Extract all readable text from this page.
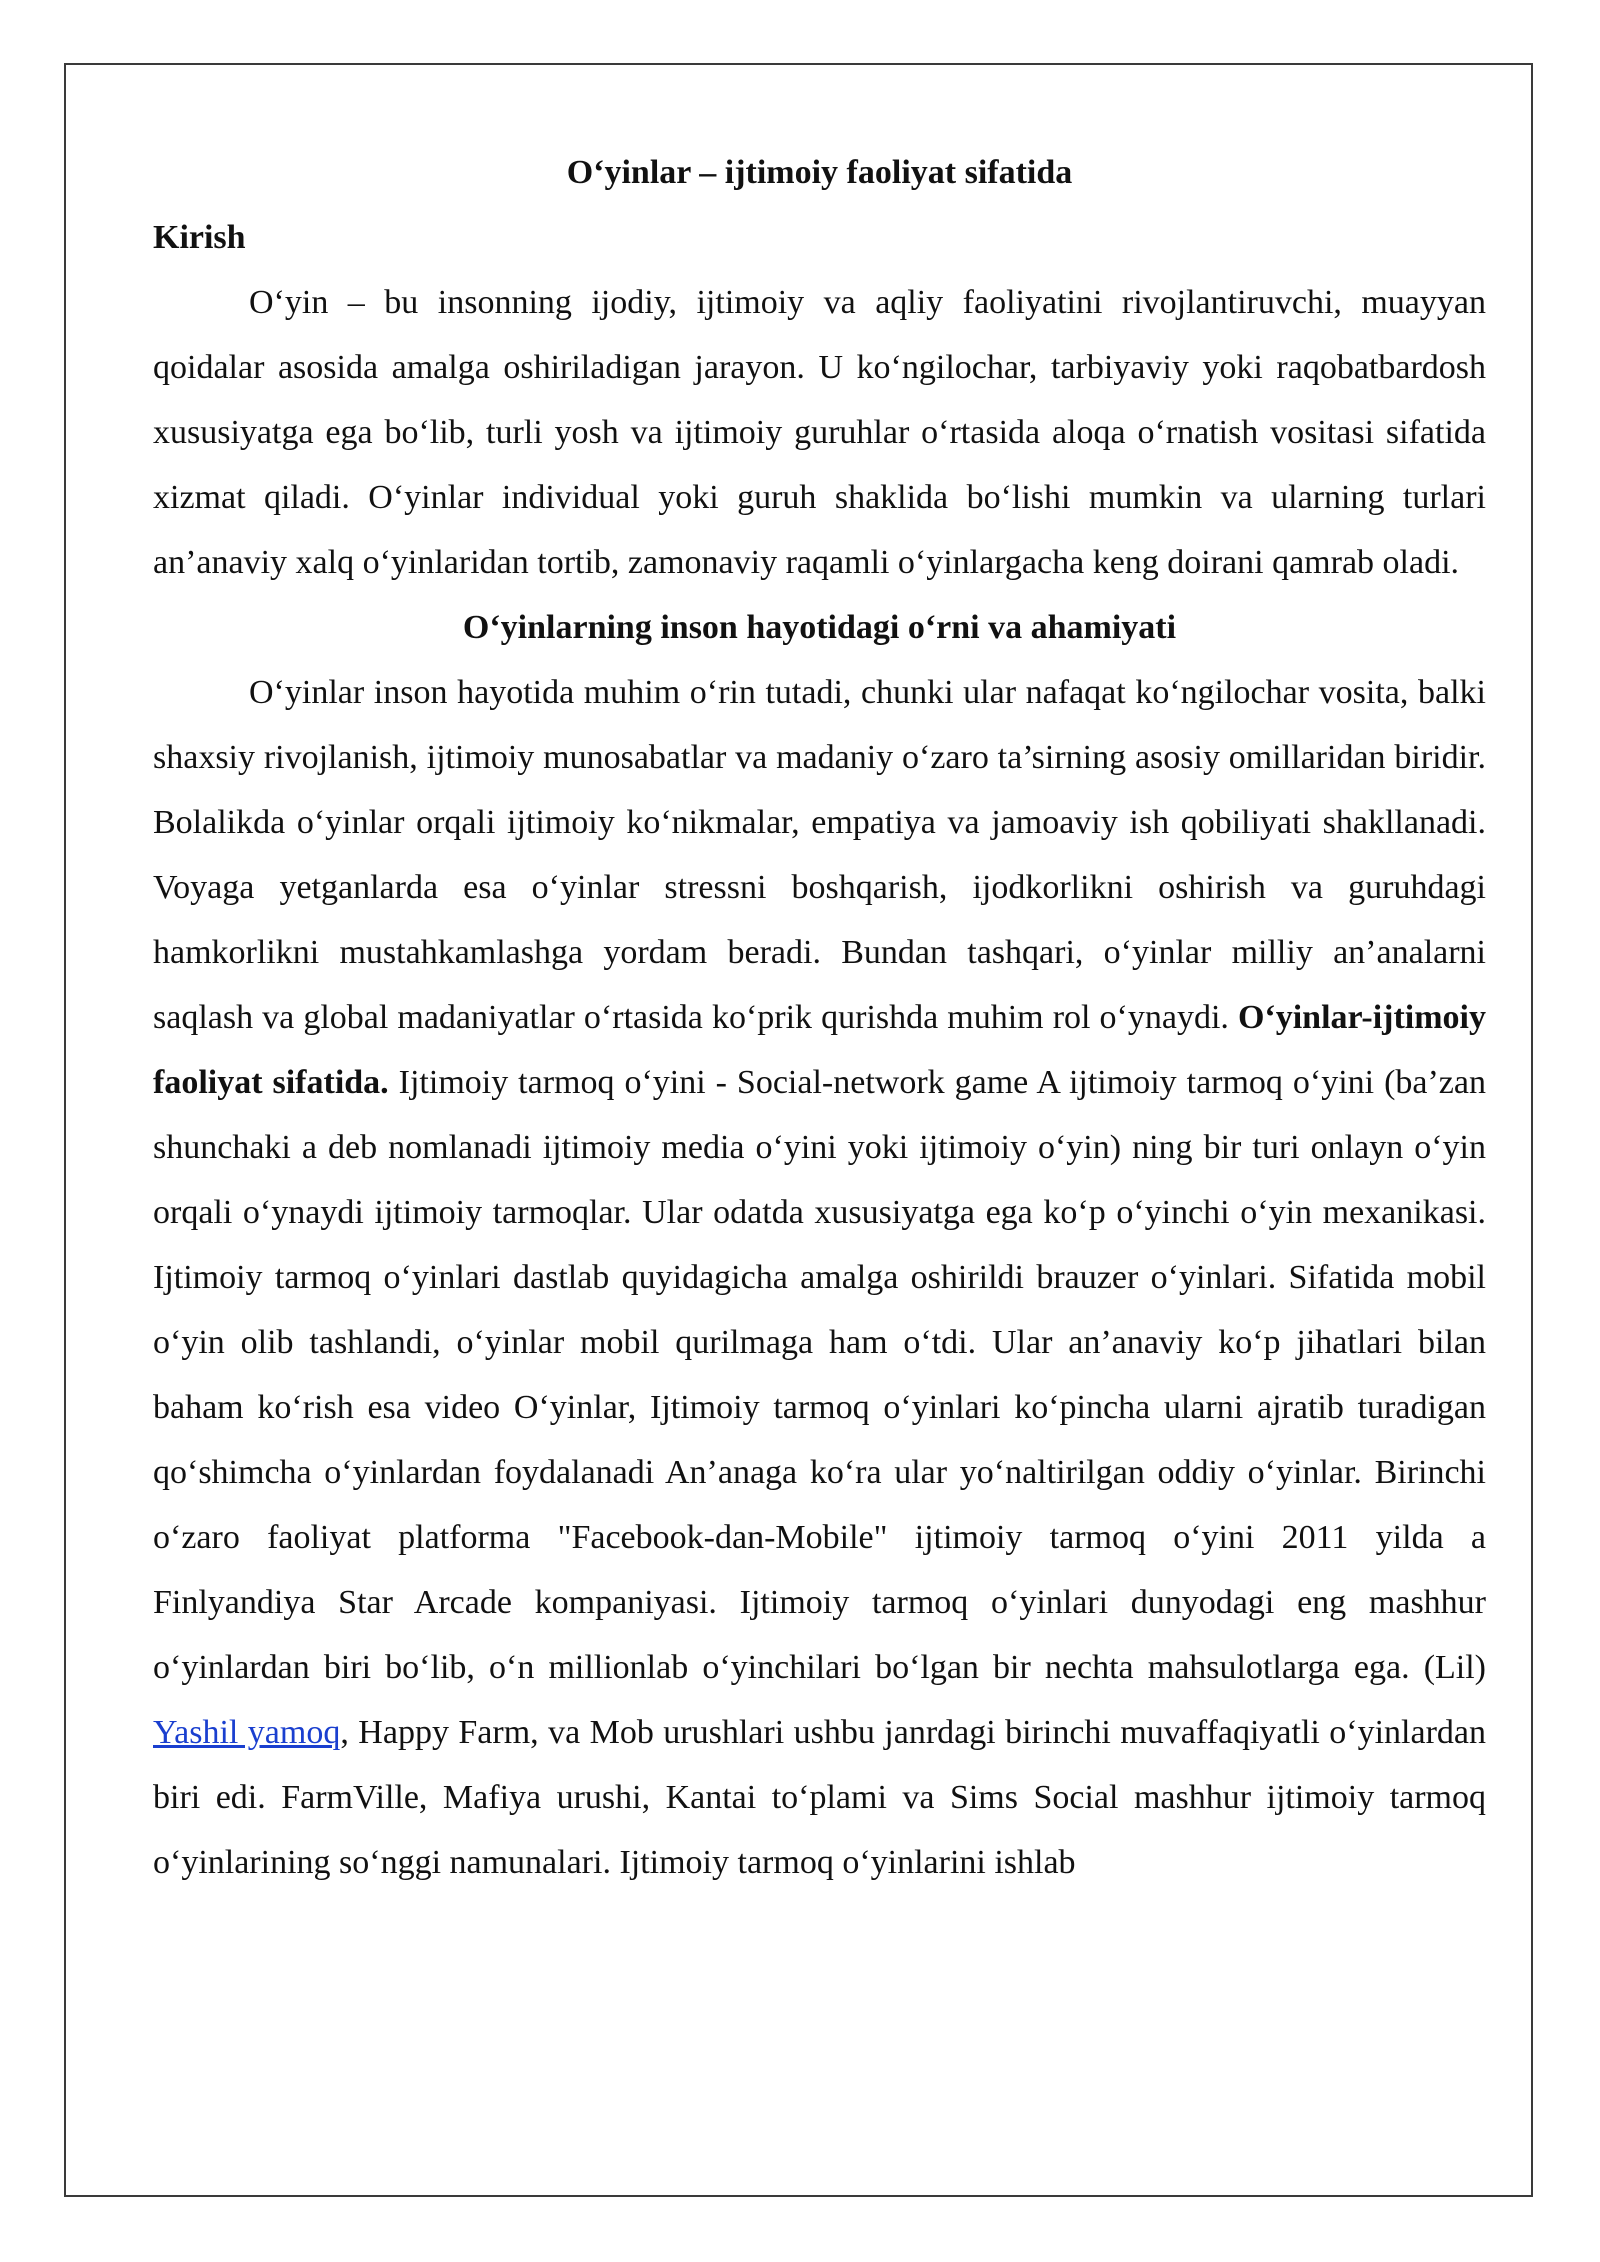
O‘yinlar – ijtimoiy faoliyat sifatida

Kirish

O‘yin – bu insonning ijodiy, ijtimoiy va aqliy faoliyatini rivojlantiruvchi, muayyan qoidalar asosida amalga oshiriladigan jarayon. U ko‘ngilochar, tarbiyaviy yoki raqobatbardosh xususiyatga ega bo‘lib, turli yosh va ijtimoiy guruhlar o‘rtasida aloqa o‘rnatish vositasi sifatida xizmat qiladi. O‘yinlar individual yoki guruh shaklida bo‘lishi mumkin va ularning turlari an’anaviy xalq o‘yinlaridan tortib, zamonaviy raqamli o‘yinlargacha keng doirani qamrab oladi.

O‘yinlarning inson hayotidagi o‘rni va ahamiyati

O‘yinlar inson hayotida muhim o‘rin tutadi, chunki ular nafaqat ko‘ngilochar vosita, balki shaxsiy rivojlanish, ijtimoiy munosabatlar va madaniy o‘zaro ta’sirning asosiy omillaridan biridir. Bolalikda o‘yinlar orqali ijtimoiy ko‘nikmalar, empatiya va jamoaviy ish qobiliyati shakllanadi. Voyaga yetganlarda esa o‘yinlar stressni boshqarish, ijodkorlikni oshirish va guruhdagi hamkorlikni mustahkamlashga yordam beradi. Bundan tashqari, o‘yinlar milliy an’analarni saqlash va global madaniyatlar o‘rtasida ko‘prik qurishda muhim rol o‘ynaydi. O‘yinlar-ijtimoiy faoliyat sifatida. Ijtimoiy tarmoq o‘yini - Social-network game A ijtimoiy tarmoq o‘yini (ba’zan shunchaki a deb nomlanadi ijtimoiy media o‘yini yoki ijtimoiy o‘yin) ning bir turi onlayn o‘yin orqali o‘ynaydi ijtimoiy tarmoqlar. Ular odatda xususiyatga ega ko‘p o‘yinchi o‘yin mexanikasi. Ijtimoiy tarmoq o‘yinlari dastlab quyidagicha amalga oshirildi brauzer o‘yinlari. Sifatida mobil o‘yin olib tashlandi, o‘yinlar mobil qurilmaga ham o‘tdi. Ular an’anaviy ko‘p jihatlari bilan baham ko‘rish esa video O‘yinlar, Ijtimoiy tarmoq o‘yinlari ko‘pincha ularni ajratib turadigan qo‘shimcha o‘yinlardan foydalanadi An’anaga ko‘ra ular yo‘naltirilgan oddiy o‘yinlar. Birinchi o‘zaro faoliyat platforma "Facebook-dan-Mobile" ijtimoiy tarmoq o‘yini 2011 yilda a Finlyandiya Star Arcade kompaniyasi. Ijtimoiy tarmoq o‘yinlari dunyodagi eng mashhur o‘yinlardan biri bo‘lib, o‘n millionlab o‘yinchilari bo‘lgan bir nechta mahsulotlarga ega. (Lil) Yashil yamoq, Happy Farm, va Mob urushlari ushbu janrdagi birinchi muvaffaqiyatli o‘yinlardan biri edi. FarmVille, Mafiya urushi, Kantai to‘plami va Sims Social mashhur ijtimoiy tarmoq o‘yinlarining so‘nggi namunalari. Ijtimoiy tarmoq o‘yinlarini ishlab
